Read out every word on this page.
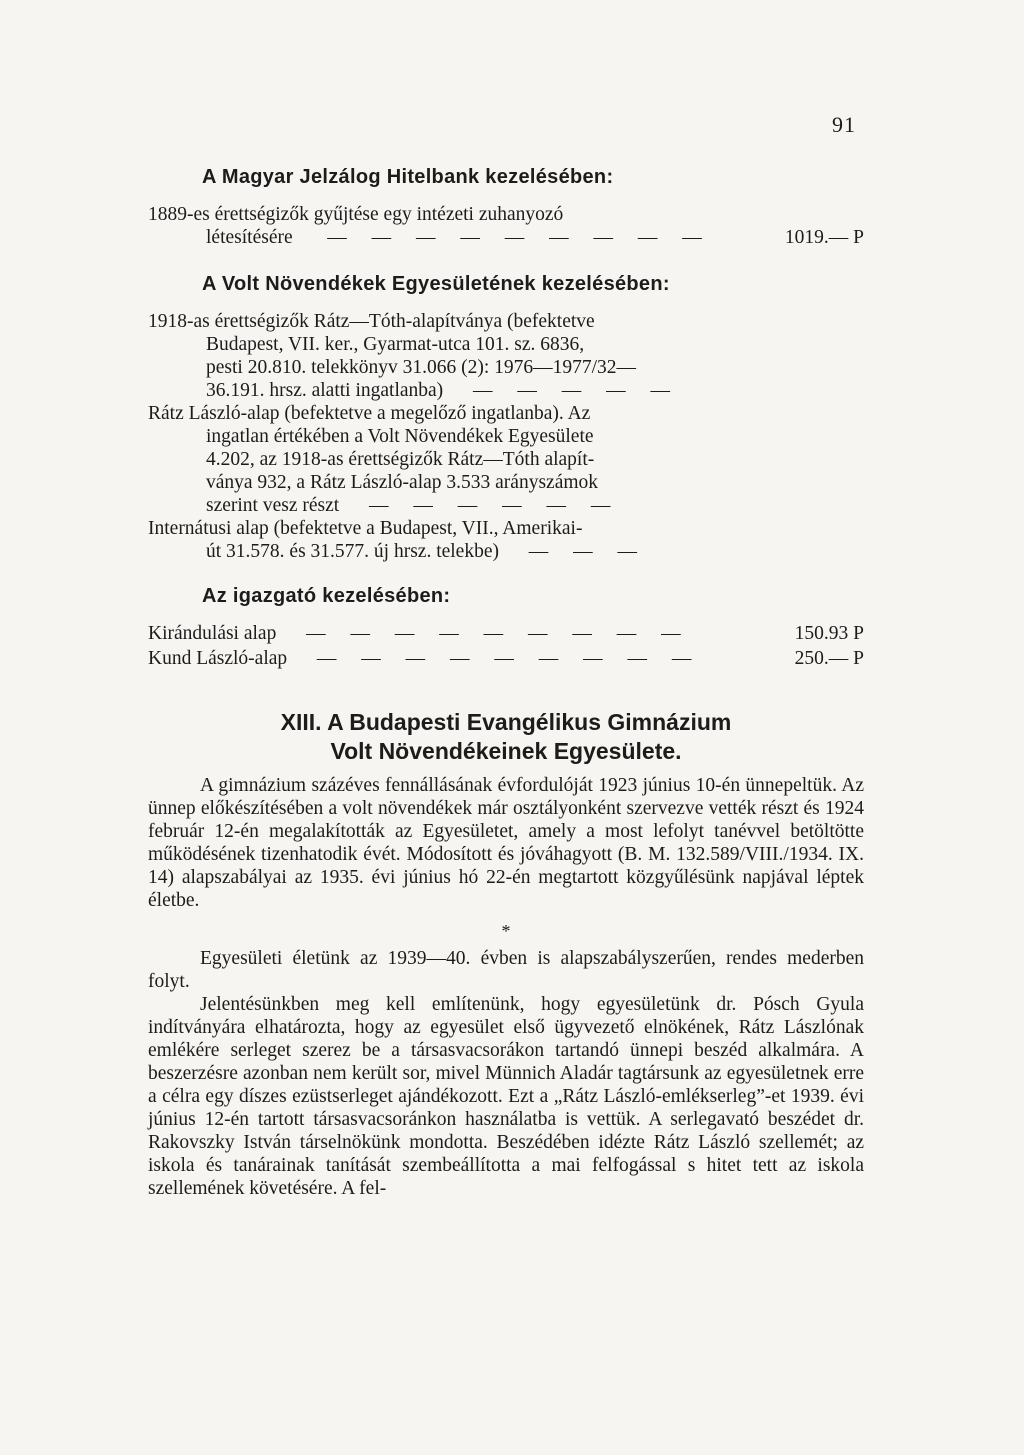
91
A Magyar Jelzálog Hitelbank kezelésében:
1889-es érettségizők gyűjtése egy intézeti zuhanyozó
létesítésére   — — — — — — — — —	1019.— P
A Volt Növendékek Egyesületének kezelésében:
1918-as érettségizők Rátz—Tóth-alapítványa (befektetve
Budapest, VII. ker., Gyarmat-utca 101. sz. 6836,
pesti 20.810. telekkönyv 31.066 (2): 1976—1977/32—
36.191. hrsz. alatti ingatlanba)  — — — — —
Rátz László-alap (befektetve a megelőző ingatlanba). Az
ingatlan értékében a Volt Növendékek Egyesülete
4.202, az 1918-as érettségizők Rátz—Tóth alapít-
ványa 932, a Rátz László-alap 3.533 arányszámok
szerint vesz részt  — — — — — —
Internátusi alap (befektetve a Budapest, VII., Amerikai-
út 31.578. és 31.577. új hrsz. telekbe)  — — —
Az igazgató kezelésében:
Kirándulási alap  — — — — — — — — —	150.93 P
Kund László-alap  — — — — — — — — —	250.— P
XIII. A Budapesti Evangélikus Gimnázium
Volt Növendékeinek Egyesülete.

A gimnázium százéves fennállásának évfordulóját 1923 június 10-én ünnepeltük. Az ünnep előkészítésében a volt növendékek már osztályonként szervezve vették részt és 1924 február 12-én megalakították az Egyesületet, amely a most lefolyt tanévvel betöltötte működésének tizenhatodik évét. Módosított és jóváhagyott (B. M. 132.589/VIII./1934. IX. 14) alapszabályai az 1935. évi június hó 22-én megtartott közgyűlésünk napjával léptek életbe.

*

Egyesületi életünk az 1939—40. évben is alapszabályszerűen, rendes mederben folyt.

Jelentésünkben meg kell említenünk, hogy egyesületünk dr. Pósch Gyula indítványára elhatározta, hogy az egyesület első ügyvezető elnökének, Rátz Lászlónak emlékére serleget szerez be a társasvacsorákon tartandó ünnepi beszéd alkalmára. A beszerzésre azonban nem került sor, mivel Münnich Aladár tagtársunk az egyesületnek erre a célra egy díszes ezüstserleget ajándékozott. Ezt a „Rátz László-emlékserleg”-et 1939. évi június 12-én tartott társasvacsoránkon használatba is vettük. A serlegavató beszédet dr. Rakovszky István társelnökünk mondotta. Beszédében idézte Rátz László szellemét; az iskola és tanárainak tanítását szembeállította a mai felfogással s hitet tett az iskola szellemének követésére. A fel-
